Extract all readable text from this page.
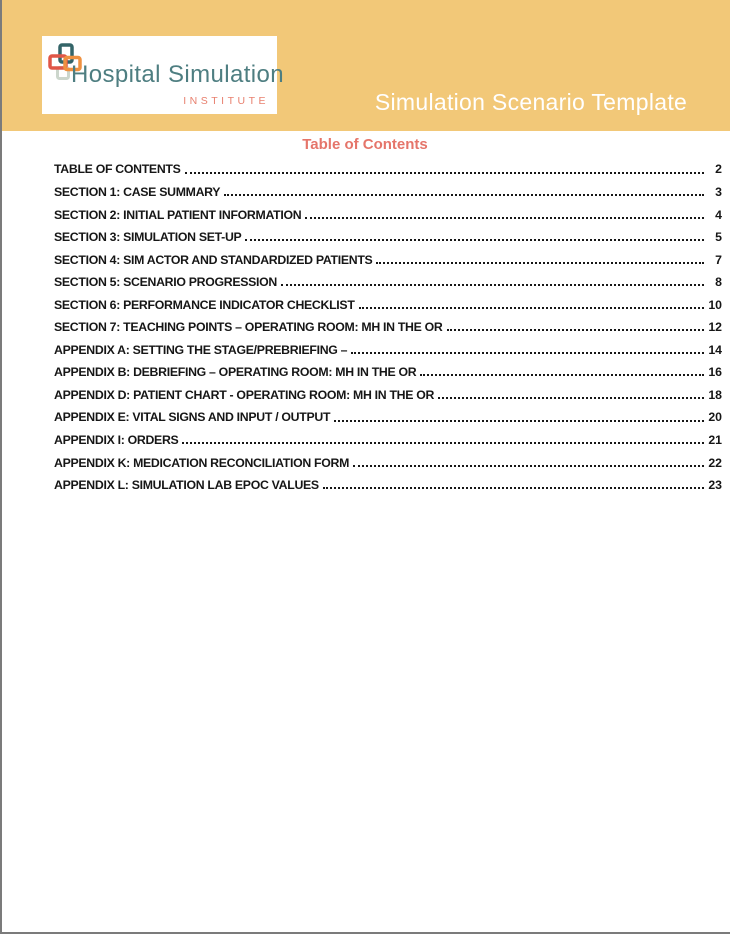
Hospital Simulation
INSTITUTE	Simulation Scenario Template
Table of Contents
TABLE OF CONTENTS	2
SECTION 1: CASE SUMMARY	3
SECTION 2: INITIAL PATIENT INFORMATION	4
SECTION 3: SIMULATION SET-UP	5
SECTION 4: SIM ACTOR AND STANDARDIZED PATIENTS	7
SECTION 5: SCENARIO PROGRESSION	8
SECTION 6: PERFORMANCE INDICATOR CHECKLIST	10
SECTION 7: TEACHING POINTS – OPERATING ROOM: MH IN THE OR	12
APPENDIX A: SETTING THE STAGE/PREBRIEFING –	14
APPENDIX B: DEBRIEFING – OPERATING ROOM: MH IN THE OR	16
APPENDIX D: PATIENT CHART - OPERATING ROOM: MH IN THE OR	18
APPENDIX E: VITAL SIGNS AND INPUT / OUTPUT	20
APPENDIX I: ORDERS	21
APPENDIX K: MEDICATION RECONCILIATION FORM	22
APPENDIX L: SIMULATION LAB EPOC VALUES	23
